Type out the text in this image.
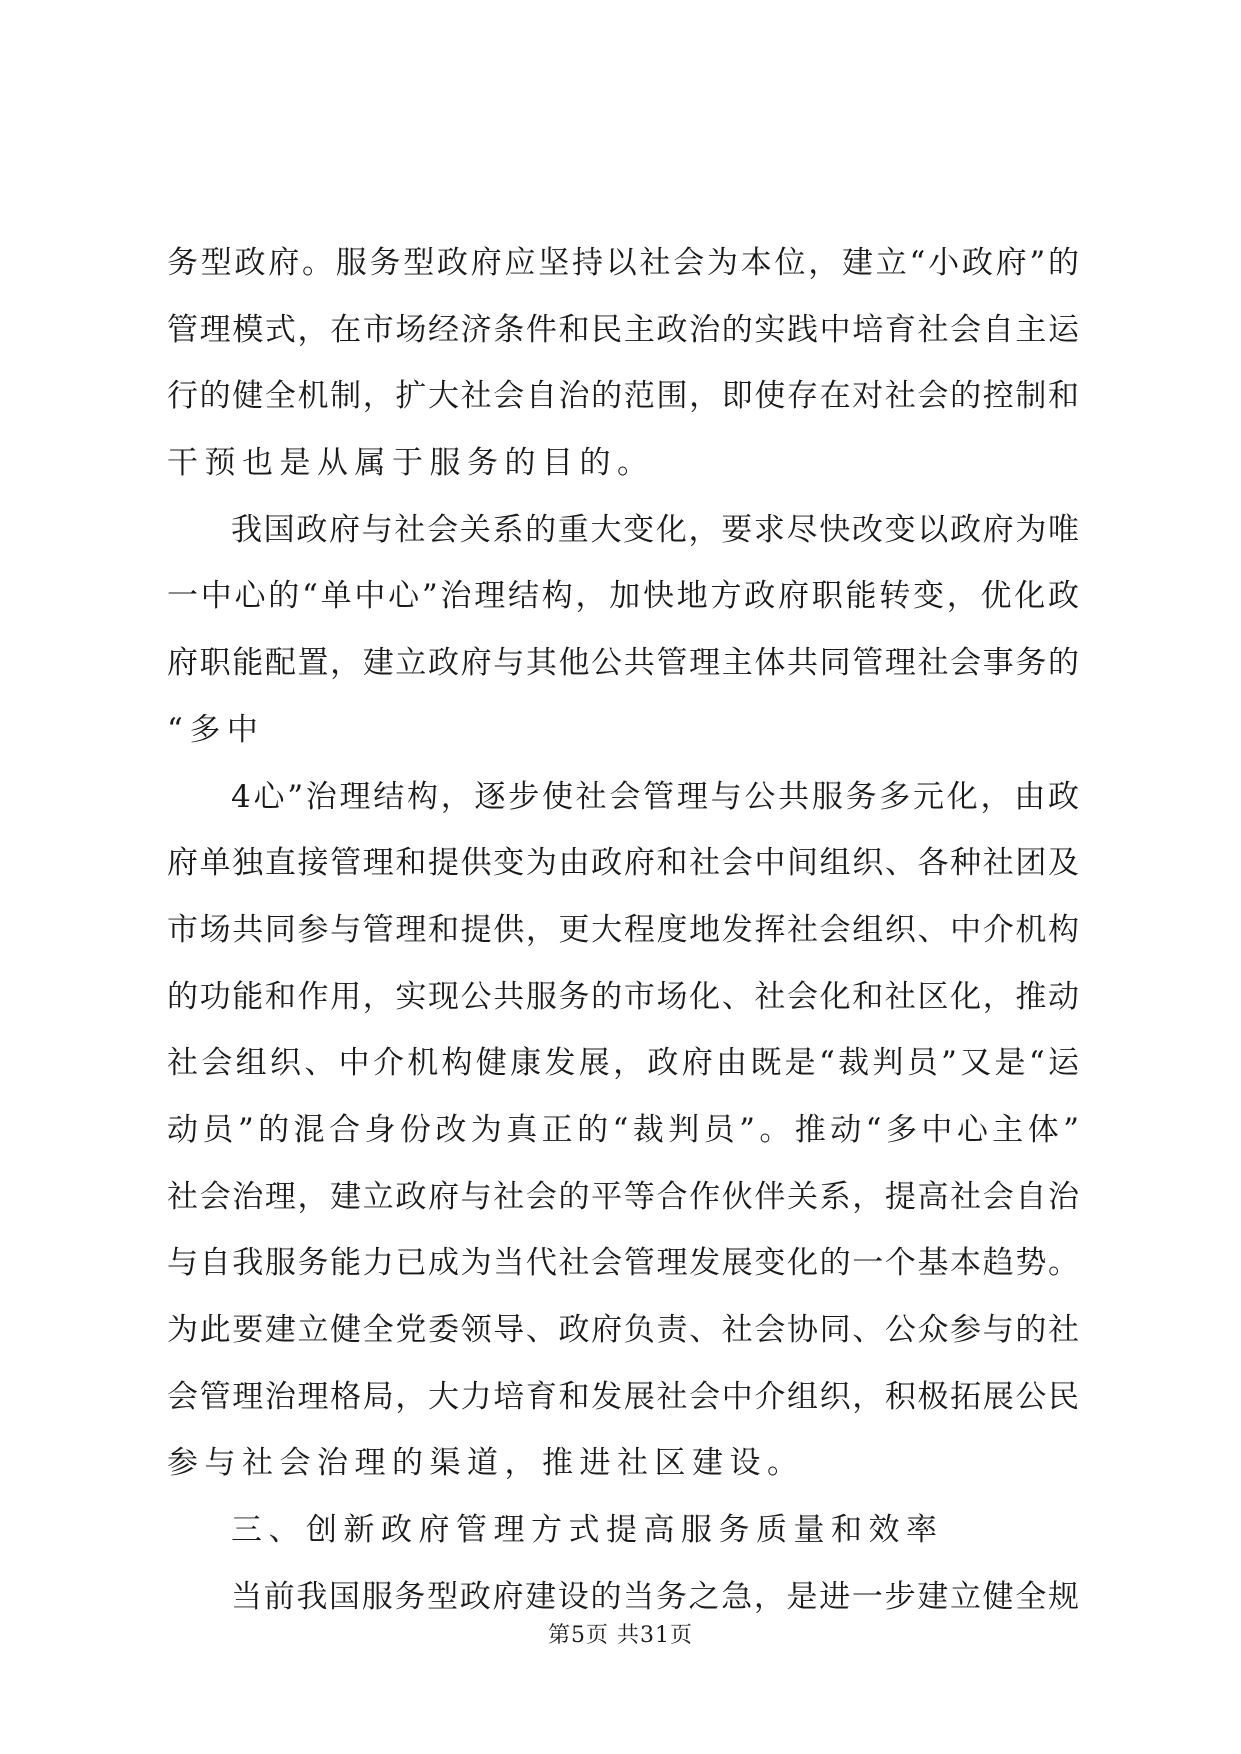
务型政府。服务型政府应坚持以社会为本位，建立“小政府”的
管理模式，在市场经济条件和民主政治的实践中培育社会自主运
行的健全机制，扩大社会自治的范围，即使存在对社会的控制和
干预也是从属于服务的目的。
我国政府与社会关系的重大变化，要求尽快改变以政府为唯
一中心的“单中心”治理结构，加快地方政府职能转变，优化政
府职能配置，建立政府与其他公共管理主体共同管理社会事务的
“多中
4心”治理结构，逐步使社会管理与公共服务多元化，由政
府单独直接管理和提供变为由政府和社会中间组织、各种社团及
市场共同参与管理和提供，更大程度地发挥社会组织、中介机构
的功能和作用，实现公共服务的市场化、社会化和社区化，推动
社会组织、中介机构健康发展，政府由既是“裁判员”又是“运
动员”的混合身份改为真正的“裁判员”。推动“多中心主体”
社会治理，建立政府与社会的平等合作伙伴关系，提高社会自治
与自我服务能力已成为当代社会管理发展变化的一个基本趋势。
为此要建立健全党委领导、政府负责、社会协同、公众参与的社
会管理治理格局，大力培育和发展社会中介组织，积极拓展公民
参与社会治理的渠道，推进社区建设。
三、创新政府管理方式提高服务质量和效率
当前我国服务型政府建设的当务之急，是进一步建立健全规
第5页 共31页
